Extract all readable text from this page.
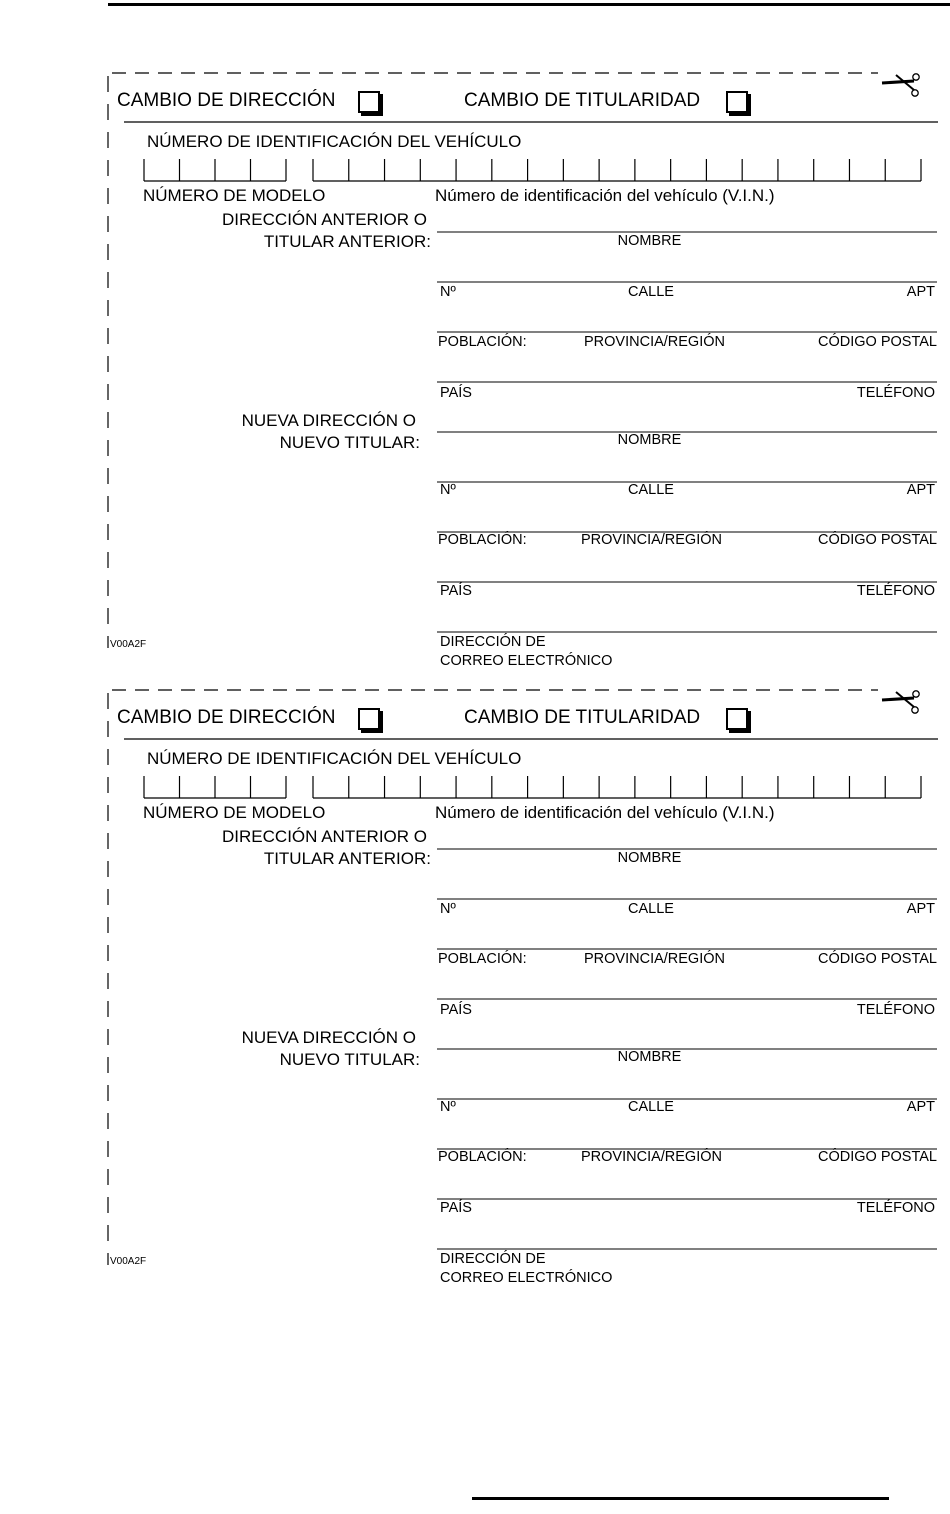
CAMBIO DE DIRECCIÓN	CAMBIO DE TITULARIDAD
NÚMERO DE IDENTIFICACIÓN DEL VEHÍCULO
NÚMERO DE MODELO	Número de identificación del vehículo (V.I.N.)
DIRECCIÓN ANTERIOR O
TITULAR ANTERIOR:	NOMBRE
Nº	CALLE	APT
POBLACIÓN:	PROVINCIA/REGIÓN	CÓDIGO POSTAL
PAÍS	TELÉFONO
NUEVA DIRECCIÓN O
NUEVO TITULAR:	NOMBRE
Nº	CALLE	APT
POBLACIÓN:	PROVINCIA/REGIÓN	CÓDIGO POSTAL
PAÍS	TELÉFONO
DIRECCIÓN DE
CORREO ELECTRÓNICO
V00A2F
CAMBIO DE DIRECCIÓN	CAMBIO DE TITULARIDAD
NÚMERO DE IDENTIFICACIÓN DEL VEHÍCULO
NÚMERO DE MODELO	Número de identificación del vehículo (V.I.N.)
DIRECCIÓN ANTERIOR O
TITULAR ANTERIOR:	NOMBRE
Nº	CALLE	APT
POBLACIÓN:	PROVINCIA/REGIÓN	CÓDIGO POSTAL
PAÍS	TELÉFONO
NUEVA DIRECCIÓN O
NUEVO TITULAR:	NOMBRE
Nº	CALLE	APT
POBLACIÓN:	PROVINCIA/REGIÓN	CÓDIGO POSTAL
PAÍS	TELÉFONO
DIRECCIÓN DE
CORREO ELECTRÓNICO
V00A2F
